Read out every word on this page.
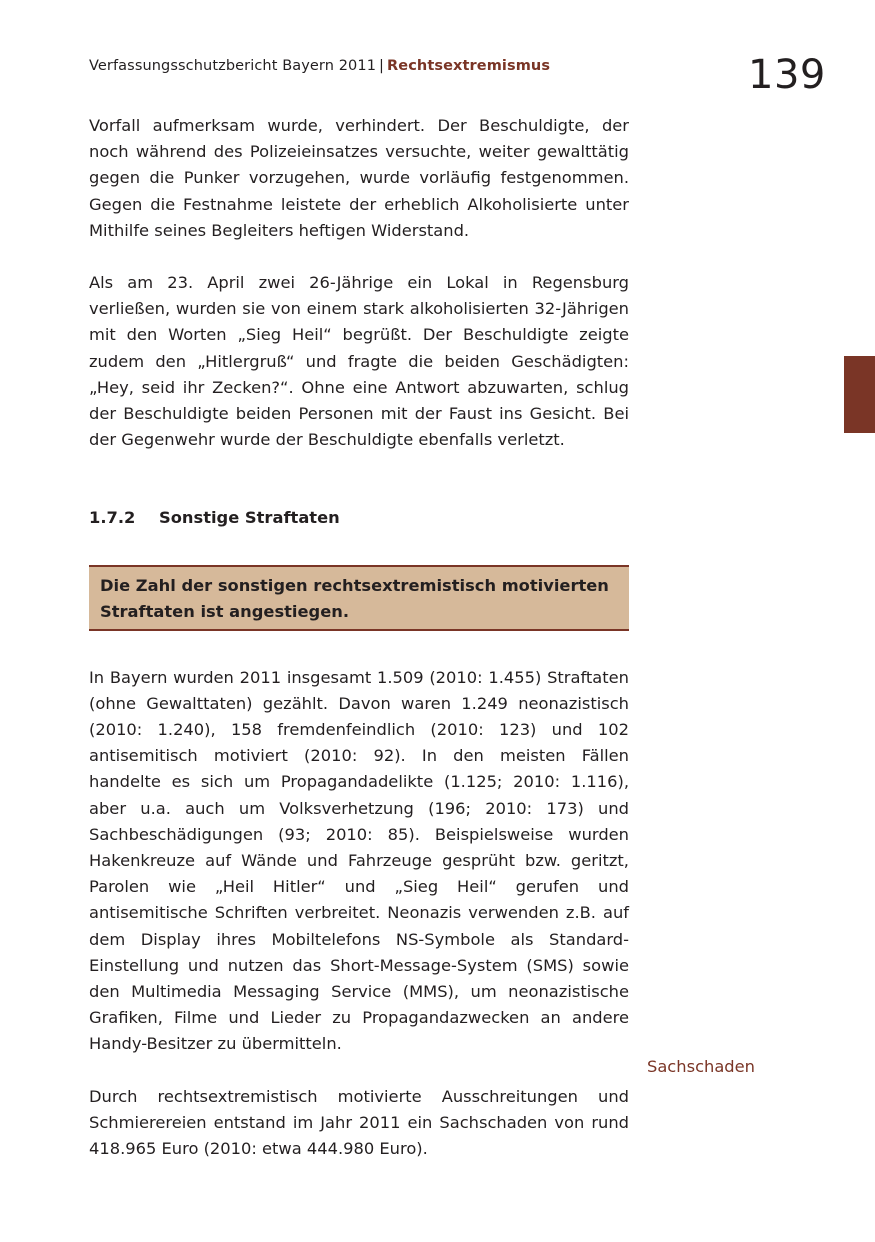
Verfassungsschutzbericht Bayern 2011 | Rechtsextremismus	139

Vorfall aufmerksam wurde, verhindert. Der Beschuldigte, der noch während des Polizeieinsatzes versuchte, weiter gewalttätig gegen die Punker vorzugehen, wurde vorläufig festgenommen. Gegen die Festnahme leistete der erheblich Alkoholisierte unter Mithilfe seines Begleiters heftigen Widerstand.

Als am 23. April zwei 26-Jährige ein Lokal in Regensburg verließen, wurden sie von einem stark alkoholisierten 32-Jährigen mit den Worten „Sieg Heil“ begrüßt. Der Beschuldigte zeigte zudem den „Hitlergruß“ und fragte die beiden Geschädigten: „Hey, seid ihr Zecken?“. Ohne eine Antwort abzuwarten, schlug der Beschuldigte beiden Personen mit der Faust ins Gesicht. Bei der Gegenwehr wurde der Beschuldigte ebenfalls verletzt.

1.7.2	Sonstige Straftaten
Die Zahl der sonstigen rechtsextremistisch motivierten Straftaten ist angestiegen.

In Bayern wurden 2011 insgesamt 1.509 (2010: 1.455) Straftaten (ohne Gewalttaten) gezählt. Davon waren 1.249 neonazistisch (2010: 1.240), 158 fremdenfeindlich (2010: 123) und 102 antisemitisch motiviert (2010: 92). In den meisten Fällen handelte es sich um Propagandadelikte (1.125; 2010: 1.116), aber u.a. auch um Volksverhetzung (196; 2010: 173) und Sachbeschädigungen (93; 2010: 85). Beispielsweise wurden Hakenkreuze auf Wände und Fahrzeuge gesprüht bzw. geritzt, Parolen wie „Heil Hitler“ und „Sieg Heil“ gerufen und antisemitische Schriften verbreitet. Neonazis verwenden z.B. auf dem Display ihres Mobiltelefons NS-Symbole als Standard-Einstellung und nutzen das Short-Message-System (SMS) sowie den Multimedia Messaging Service (MMS), um neonazistische Grafiken, Filme und Lieder zu Propagandazwecken an andere Handy-Besitzer zu übermitteln.

Durch rechtsextremistisch motivierte Ausschreitungen und Schmierereien entstand im Jahr 2011 ein Sachschaden von rund 418.965 Euro (2010: etwa 444.980 Euro).

Sachschaden
